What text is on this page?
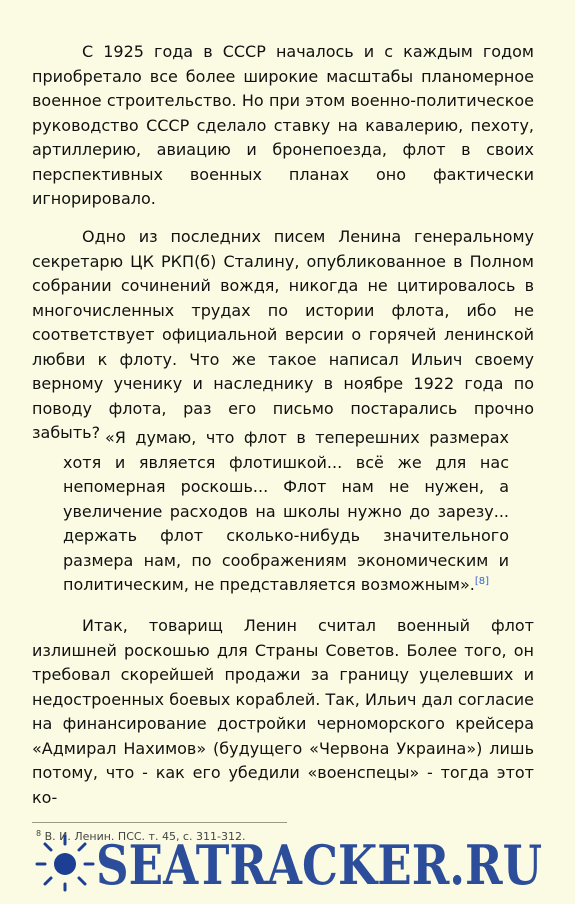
С 1925 года в СССР началось и с каждым годом приобретало все более широкие масштабы планомерное военное строительство. Но при этом военно-политическое руководство СССР сделало ставку на кавалерию, пехоту, артиллерию, авиацию и бронепоезда, флот в своих перспективных военных планах оно фактически игнорировало.

Одно из последних писем Ленина генеральному секретарю ЦК РКП(б) Сталину, опубликованное в Полном собрании сочинений вождя, никогда не цитировалось в многочисленных трудах по истории флота, ибо не соответствует официальной версии о горячей ленинской любви к флоту. Что же такое написал Ильич своему верному ученику и наследнику в ноябре 1922 года по поводу флота, раз его письмо постарались прочно забыть? «Я думаю, что флот в теперешних размерах хотя и является флотишкой... всё же для нас непомерная роскошь... Флот нам не нужен, а увеличение расходов на школы нужно до зарезу... держать флот сколько-нибудь значительного размера нам, по соображениям экономическим и политическим, не представляется возможным».[8]

Итак, товарищ Ленин считал военный флот излишней роскошью для Страны Советов. Более того, он требовал скорейшей продажи за границу уцелевших и недостроенных боевых кораблей. Так, Ильич дал согласие на финансирование достройки черноморского крейсера «Адмирал Нахимов» (будущего «Червона Украина») лишь потому, что - как его убедили «военспецы» - тогда этот ко-

$^8$ В. И. Ленин. ПСС. т. 45, с. 311-312.
SEATRACKER.RU
